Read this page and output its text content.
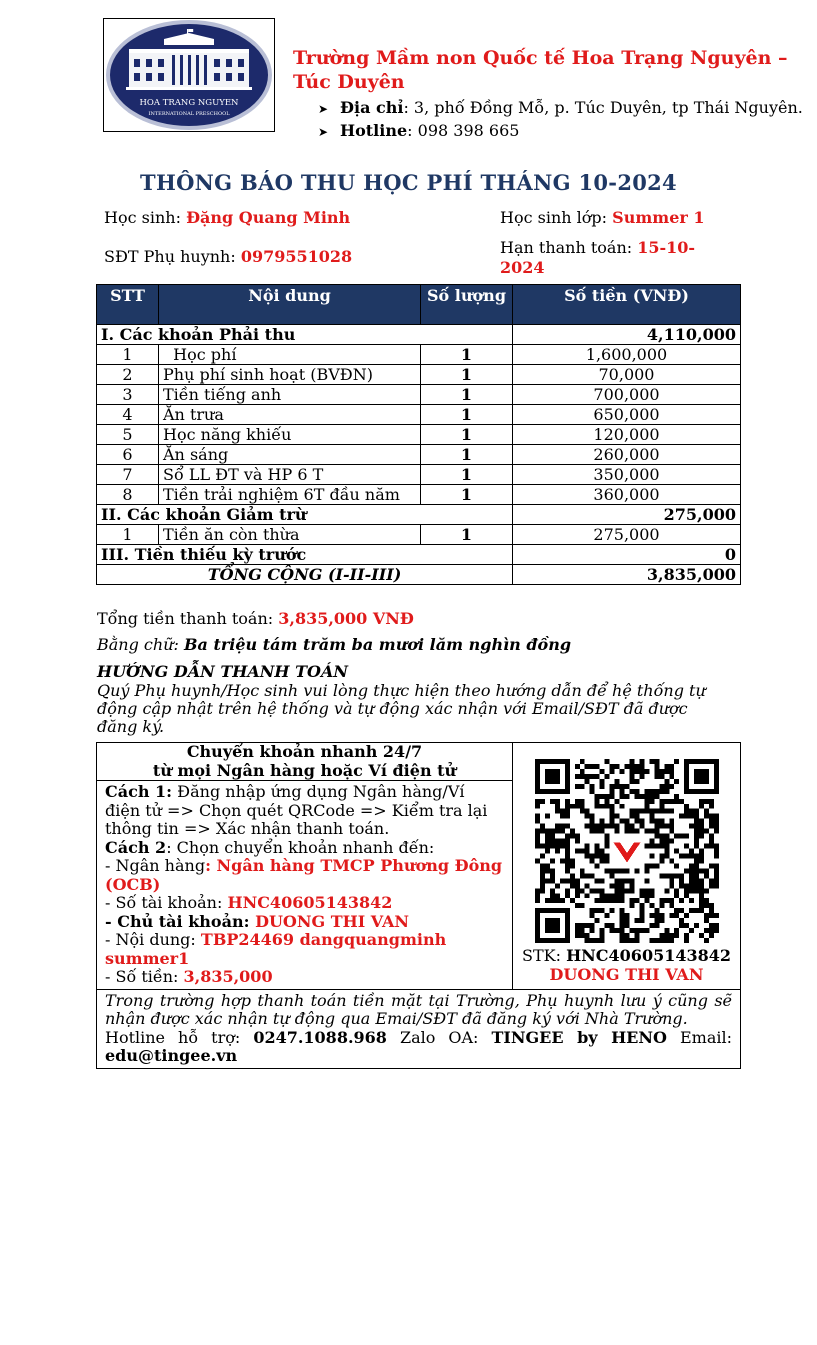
HOA TRANG NGUYEN
INTERNATIONAL PRESCHOOL
Trường Mầm non Quốc tế Hoa Trạng Nguyên – Túc Duyên
➤ Địa chỉ: 3, phố Đồng Mỗ, p. Túc Duyên, tp Thái Nguyên.
➤ Hotline: 098 398 665
THÔNG BÁO THU HỌC PHÍ THÁNG 10-2024
Học sinh: Đặng Quang Minh	Học sinh lớp: Summer 1
SĐT Phụ huynh: 0979551028	Hạn thanh toán: 15-10-
2024
STT	Nội dung	Số lượng	Số tiền (VNĐ)
I. Các khoản Phải thu			4,110,000
1	Học phí	1	1,600,000
2	Phụ phí sinh hoạt (BVĐN)	1	70,000
3	Tiền tiếng anh	1	700,000
4	Ăn trưa	1	650,000
5	Học năng khiếu	1	120,000
6	Ăn sáng	1	260,000
7	Sổ LL ĐT và HP 6 T	1	350,000
8	Tiền trải nghiệm 6T đầu năm	1	360,000
II. Các khoản Giảm trừ			275,000
1	Tiền ăn còn thừa	1	275,000
III. Tiền thiếu kỳ trước			0
TỔNG CỘNG (I-II-III)			3,835,000
Tổng tiền thanh toán: 3,835,000 VNĐ
Bằng chữ: Ba triệu tám trăm ba mươi lăm nghìn đồng
HƯỚNG DẪN THANH TOÁN
Quý Phụ huynh/Học sinh vui lòng thực hiện theo hướng dẫn để hệ thống tự động cập nhật trên hệ thống và tự động xác nhận với Email/SĐT đã được đăng ký.
Chuyển khoản nhanh 24/7
từ mọi Ngân hàng hoặc Ví điện tử

STK: HNC40605143842
DUONG THI VAN

Cách 1: Đăng nhập ứng dụng Ngân hàng/Ví điện tử => Chọn quét QRCode => Kiểm tra lại thông tin => Xác nhận thanh toán.
Cách 2: Chọn chuyển khoản nhanh đến:
- Ngân hàng: Ngân hàng TMCP Phương Đông (OCB)
- Số tài khoản: HNC40605143842
- Chủ tài khoản: DUONG THI VAN
- Nội dung: TBP24469 dangquangminh summer1
- Số tiền: 3,835,000

Trong trường hợp thanh toán tiền mặt tại Trường, Phụ huynh lưu ý cũng sẽ nhận được xác nhận tự động qua Emai/SĐT đã đăng ký với Nhà Trường.
Hotline hỗ trợ: 0247.1088.968 Zalo OA: TINGEE by HENO Email:
edu@tingee.vn
